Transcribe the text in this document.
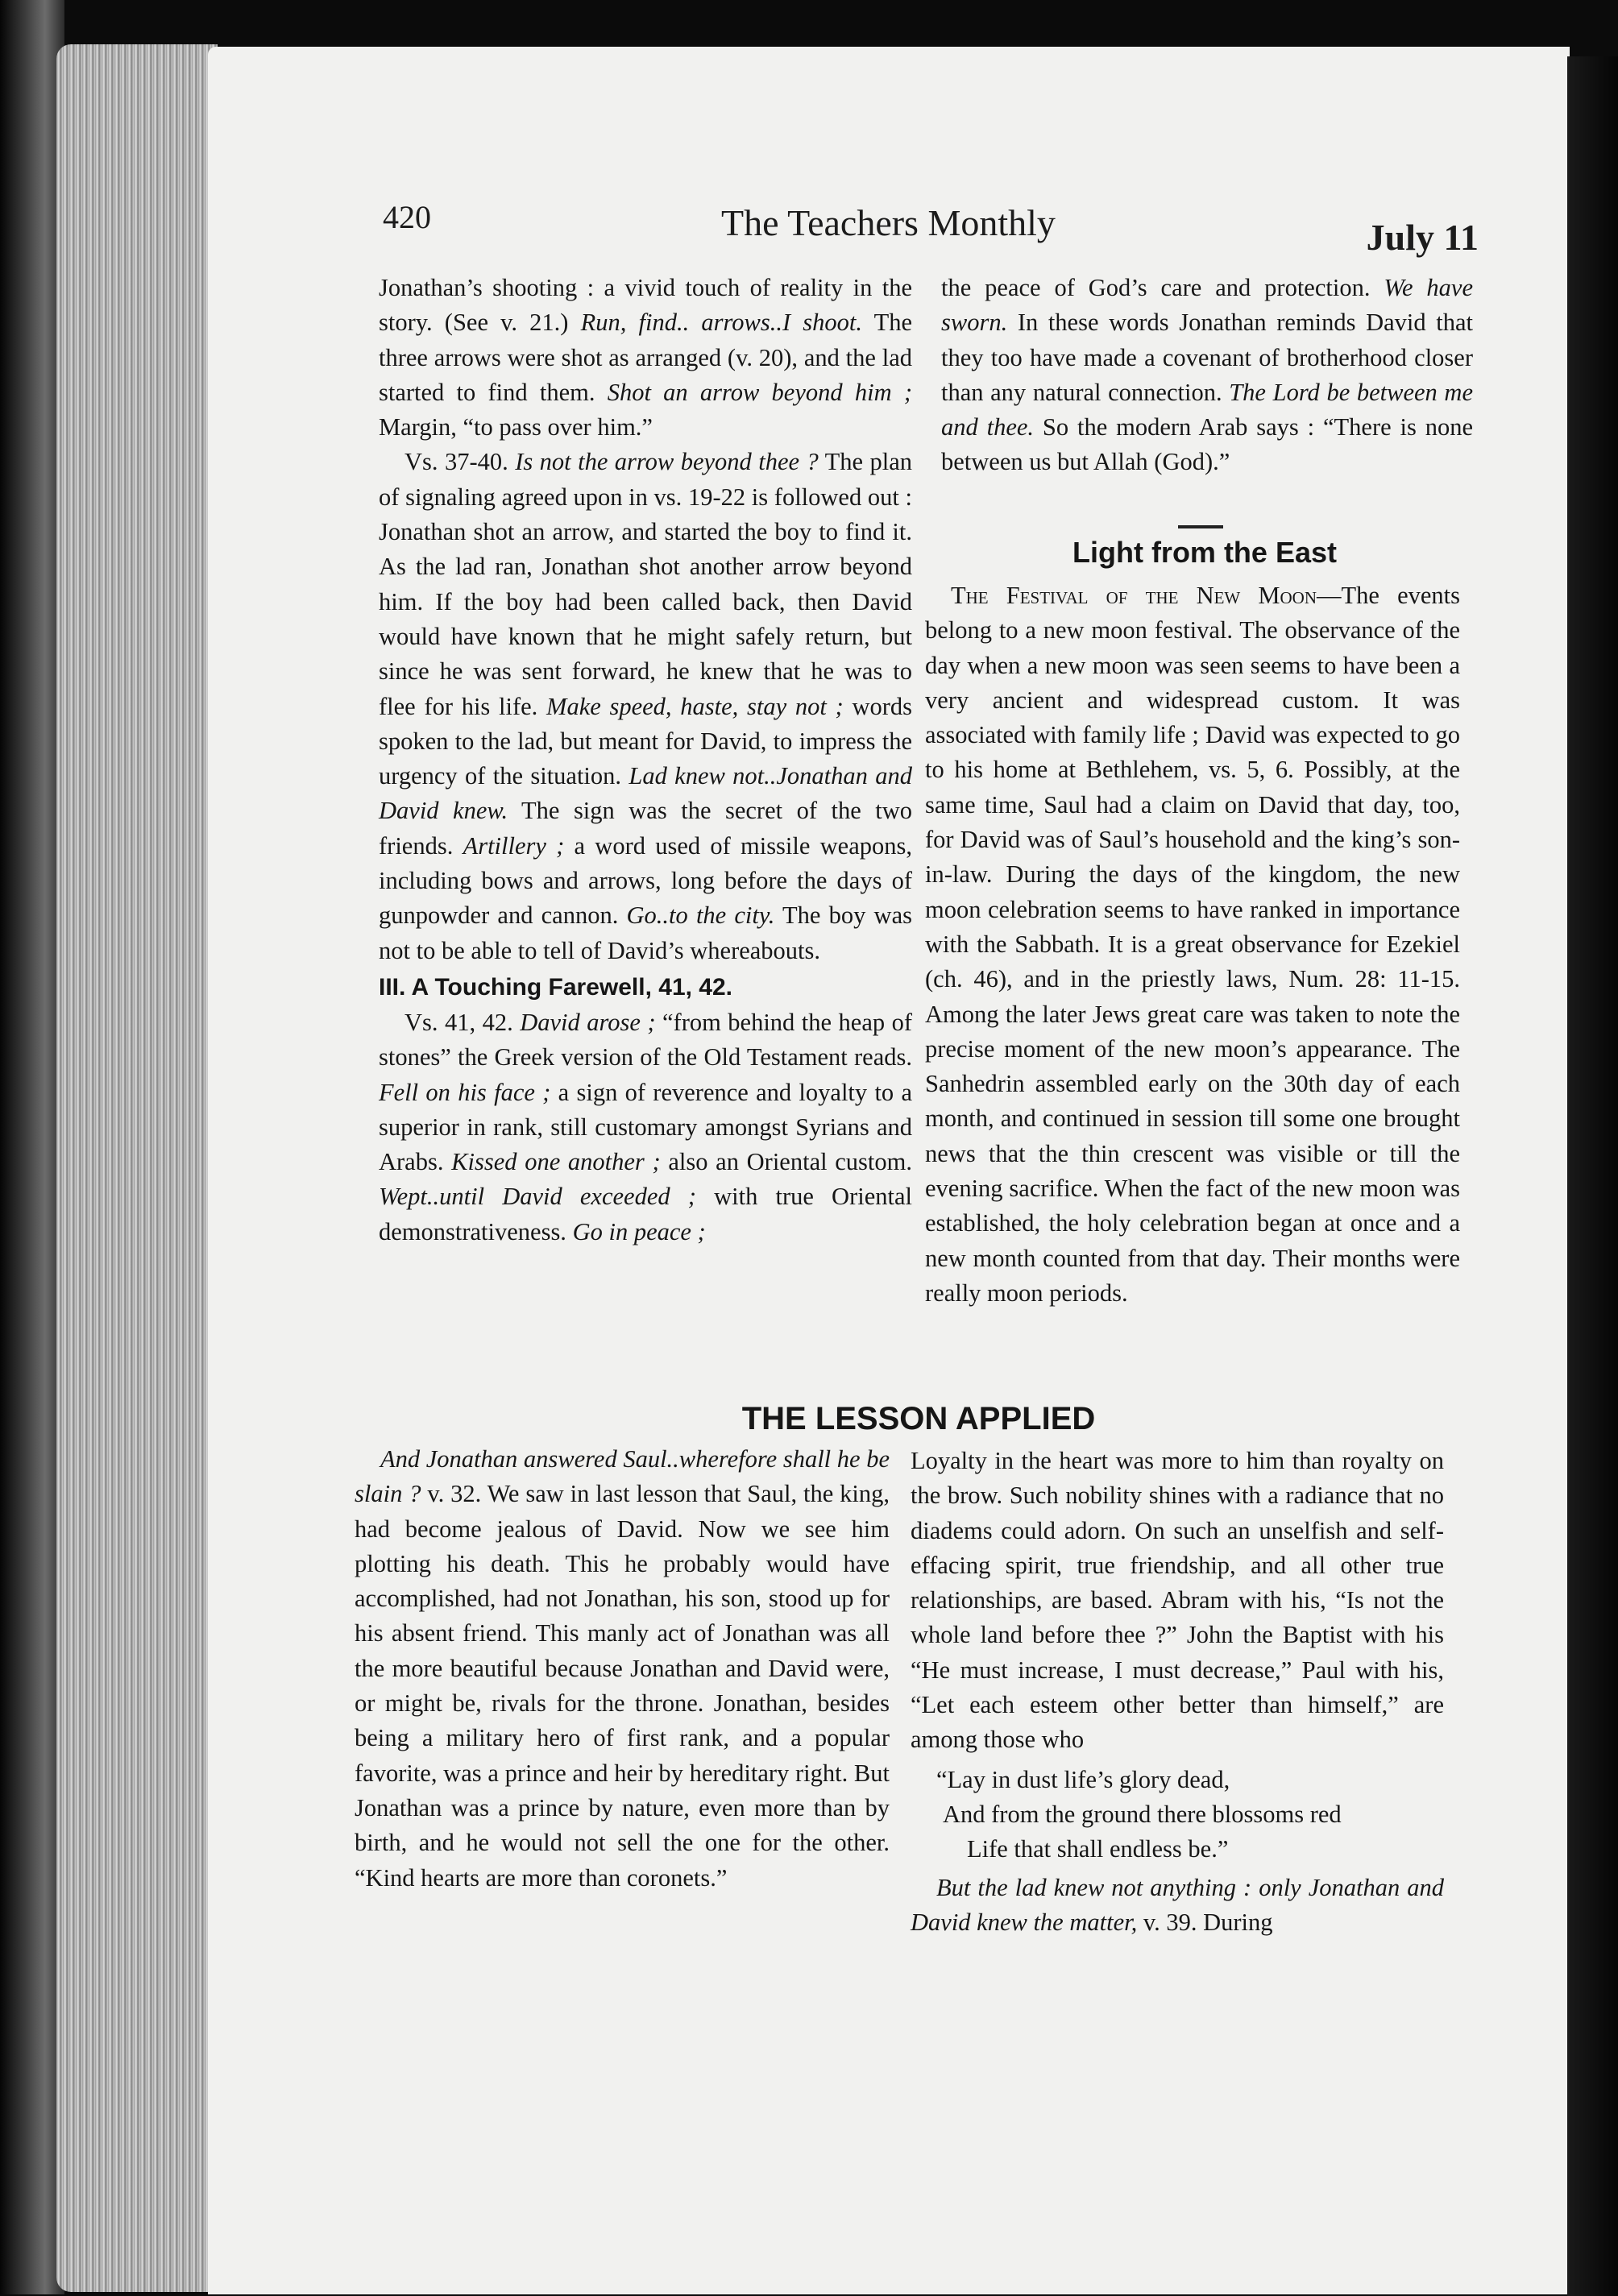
420	The Teachers Monthly	July 11

Jonathan’s shooting : a vivid touch of reality in the story. (See v. 21.) Run, find.. arrows..I shoot. The three arrows were shot as arranged (v. 20), and the lad started to find them. Shot an arrow beyond him ; Margin, “to pass over him.”

Vs. 37-40. Is not the arrow beyond thee ? The plan of signaling agreed upon in vs. 19-22 is followed out : Jonathan shot an arrow, and started the boy to find it. As the lad ran, Jonathan shot another arrow beyond him. If the boy had been called back, then David would have known that he might safely return, but since he was sent forward, he knew that he was to flee for his life. Make speed, haste, stay not ; words spoken to the lad, but meant for David, to impress the urgency of the situation. Lad knew not..Jonathan and David knew. The sign was the secret of the two friends. Artillery ; a word used of missile weapons, including bows and arrows, long before the days of gunpowder and cannon. Go..to the city. The boy was not to be able to tell of David’s whereabouts.

III. A Touching Farewell, 41, 42.

Vs. 41, 42. David arose ; “from behind the heap of stones” the Greek version of the Old Testament reads. Fell on his face ; a sign of reverence and loyalty to a superior in rank, still customary amongst Syrians and Arabs. Kissed one another ; also an Oriental custom. Wept..until David exceeded ; with true Oriental demonstrativeness. Go in peace ;

the peace of God’s care and protection. We have sworn. In these words Jonathan reminds David that they too have made a covenant of brotherhood closer than any natural connection. The Lord be between me and thee. So the modern Arab says : “There is none between us but Allah (God).”

Light from the East

The Festival of the New Moon—The events belong to a new moon festival. The observance of the day when a new moon was seen seems to have been a very ancient and widespread custom. It was associated with family life ; David was expected to go to his home at Bethlehem, vs. 5, 6. Possibly, at the same time, Saul had a claim on David that day, too, for David was of Saul’s household and the king’s son-in-law. During the days of the kingdom, the new moon celebration seems to have ranked in importance with the Sabbath. It is a great observance for Ezekiel (ch. 46), and in the priestly laws, Num. 28: 11-15. Among the later Jews great care was taken to note the precise moment of the new moon’s appearance. The Sanhedrin assembled early on the 30th day of each month, and continued in session till some one brought news that the thin crescent was visible or till the evening sacrifice. When the fact of the new moon was established, the holy celebration began at once and a new month counted from that day. Their months were really moon periods.

THE LESSON APPLIED

And Jonathan answered Saul..wherefore shall he be slain ? v. 32. We saw in last lesson that Saul, the king, had become jealous of David. Now we see him plotting his death. This he probably would have accomplished, had not Jonathan, his son, stood up for his absent friend. This manly act of Jonathan was all the more beautiful because Jonathan and David were, or might be, rivals for the throne. Jonathan, besides being a military hero of first rank, and a popular favorite, was a prince and heir by hereditary right. But Jonathan was a prince by nature, even more than by birth, and he would not sell the one for the other. “Kind hearts are more than coronets.”

Loyalty in the heart was more to him than royalty on the brow. Such nobility shines with a radiance that no diadems could adorn. On such an unselfish and self-effacing spirit, true friendship, and all other true relationships, are based. Abram with his, “Is not the whole land before thee ?” John the Baptist with his “He must increase, I must decrease,” Paul with his, “Let each esteem other better than himself,” are among those who

“Lay in dust life’s glory dead,

And from the ground there blossoms red

Life that shall endless be.”

But the lad knew not anything : only Jonathan and David knew the matter, v. 39. During
